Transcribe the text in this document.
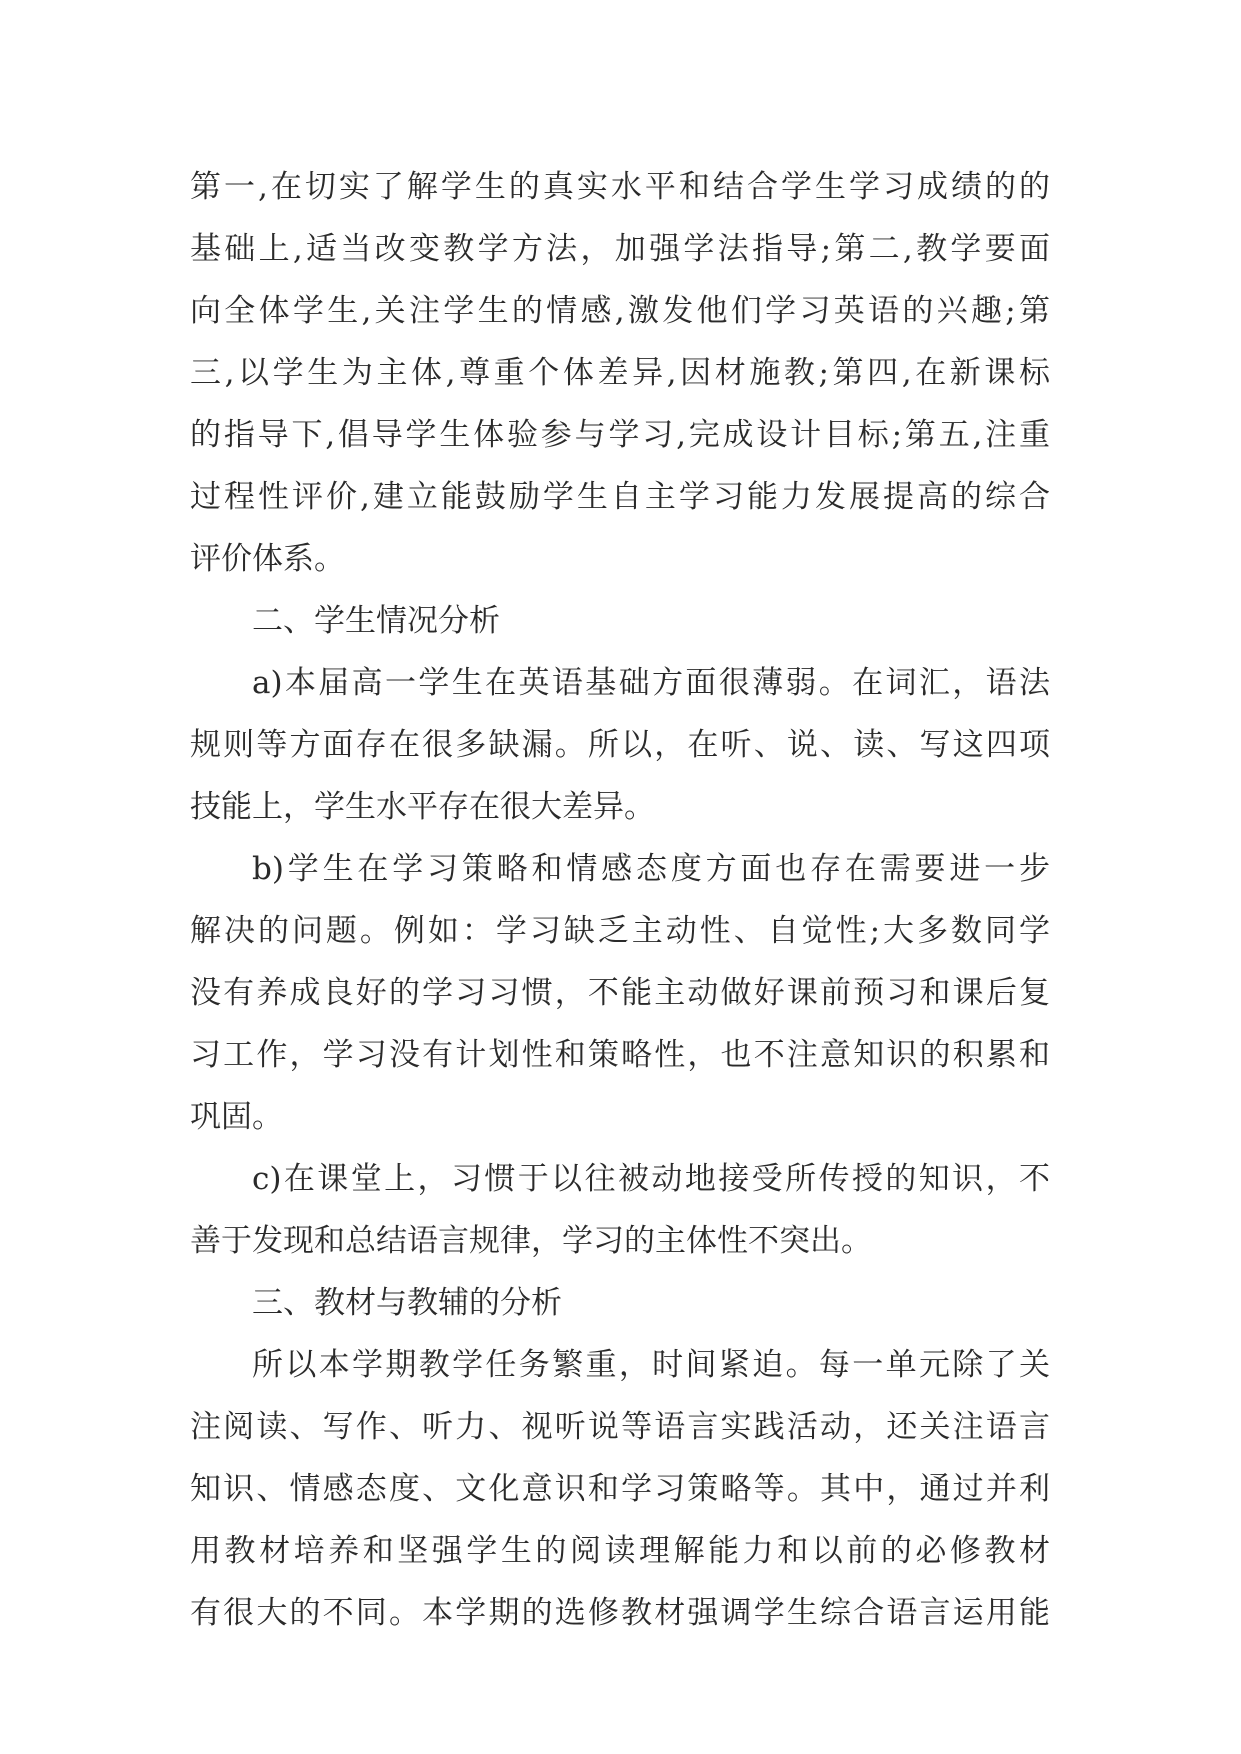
第一,在切实了解学生的真实水平和结合学生学习成绩的的
基础上,适当改变教学方法，加强学法指导;第二,教学要面
向全体学生,关注学生的情感,激发他们学习英语的兴趣;第
三,以学生为主体,尊重个体差异,因材施教;第四,在新课标
的指导下,倡导学生体验参与学习,完成设计目标;第五,注重
过程性评价,建立能鼓励学生自主学习能力发展提高的综合
评价体系。
二、学生情况分析
a)本届高一学生在英语基础方面很薄弱。在词汇，语法
规则等方面存在很多缺漏。所以，在听、说、读、写这四项
技能上，学生水平存在很大差异。
b)学生在学习策略和情感态度方面也存在需要进一步
解决的问题。例如：学习缺乏主动性、自觉性;大多数同学
没有养成良好的学习习惯，不能主动做好课前预习和课后复
习工作，学习没有计划性和策略性，也不注意知识的积累和
巩固。
c)在课堂上，习惯于以往被动地接受所传授的知识，不
善于发现和总结语言规律，学习的主体性不突出。
三、教材与教辅的分析
所以本学期教学任务繁重，时间紧迫。每一单元除了关
注阅读、写作、听力、视听说等语言实践活动，还关注语言
知识、情感态度、文化意识和学习策略等。其中，通过并利
用教材培养和坚强学生的阅读理解能力和以前的必修教材
有很大的不同。本学期的选修教材强调学生综合语言运用能
